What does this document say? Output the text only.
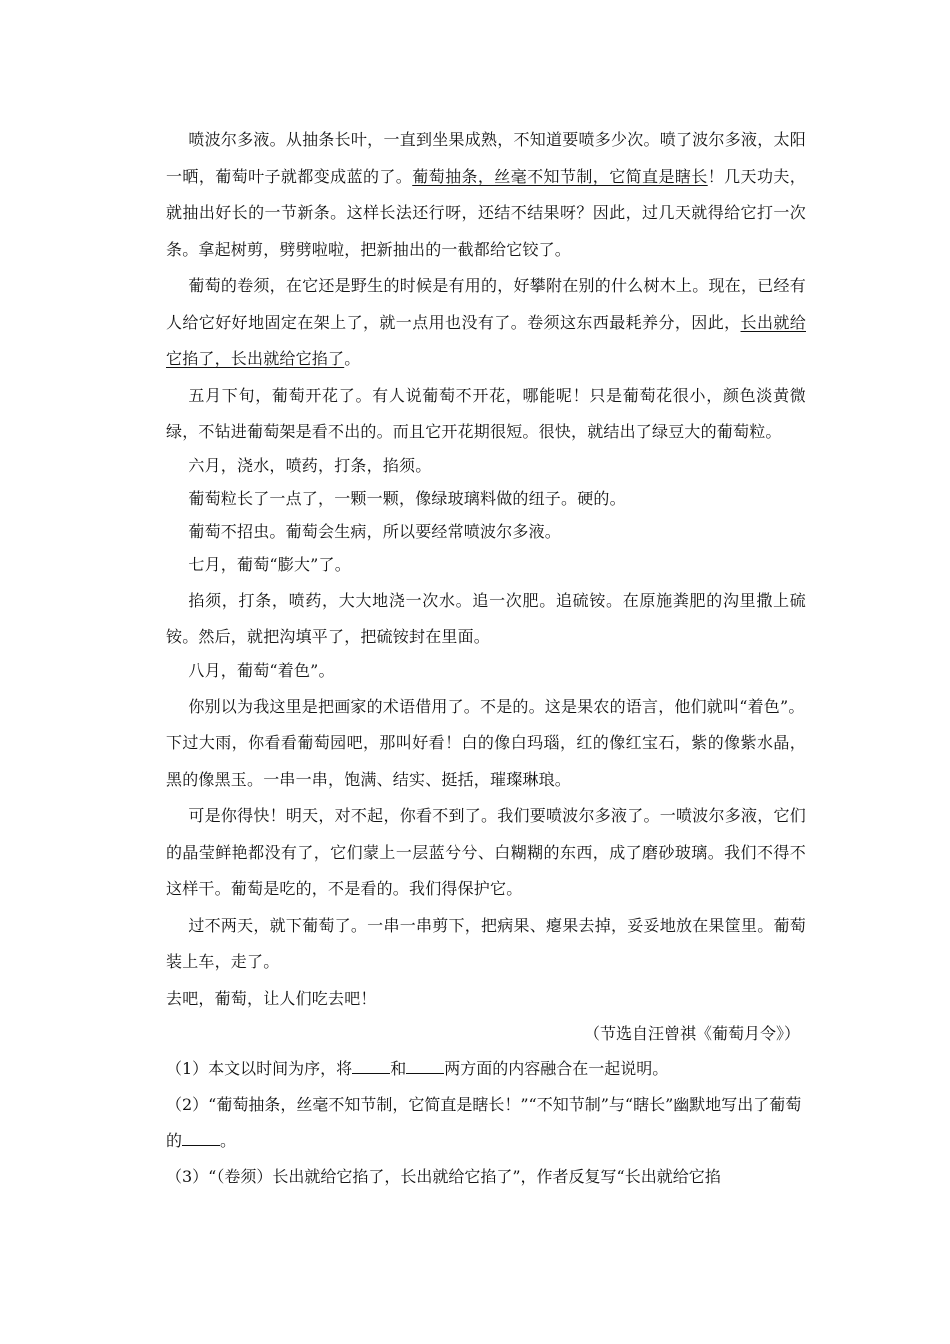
喷波尔多液。从抽条长叶，一直到坐果成熟，不知道要喷多少次。喷了波尔多液，太阳一晒，葡萄叶子就都变成蓝的了。葡萄抽条，丝毫不知节制，它简直是瞎长！几天功夫，就抽出好长的一节新条。这样长法还行呀，还结不结果呀？因此，过几天就得给它打一次条。拿起树剪，劈劈啦啦，把新抽出的一截都给它铰了。

葡萄的卷须，在它还是野生的时候是有用的，好攀附在别的什么树木上。现在，已经有人给它好好地固定在架上了，就一点用也没有了。卷须这东西最耗养分，因此，长出就给它掐了，长出就给它掐了。

五月下旬，葡萄开花了。有人说葡萄不开花，哪能呢！只是葡萄花很小，颜色淡黄微绿，不钻进葡萄架是看不出的。而且它开花期很短。很快，就结出了绿豆大的葡萄粒。

六月，浇水，喷药，打条，掐须。

葡萄粒长了一点了，一颗一颗，像绿玻璃料做的纽子。硬的。

葡萄不招虫。葡萄会生病，所以要经常喷波尔多液。

七月，葡萄“膨大”了。

掐须，打条，喷药，大大地浇一次水。追一次肥。追硫铵。在原施粪肥的沟里撒上硫铵。然后，就把沟填平了，把硫铵封在里面。

八月，葡萄“着色”。

你别以为我这里是把画家的术语借用了。不是的。这是果农的语言，他们就叫“着色”。

下过大雨，你看看葡萄园吧，那叫好看！白的像白玛瑙，红的像红宝石，紫的像紫水晶，黑的像黑玉。一串一串，饱满、结实、挺括，璀璨琳琅。

可是你得快！明天，对不起，你看不到了。我们要喷波尔多液了。一喷波尔多液，它们的晶莹鲜艳都没有了，它们蒙上一层蓝兮兮、白糊糊的东西，成了磨砂玻璃。我们不得不这样干。葡萄是吃的，不是看的。我们得保护它。

过不两天，就下葡萄了。一串一串剪下，把病果、瘪果去掉，妥妥地放在果筐里。葡萄装上车，走了。

去吧，葡萄，让人们吃去吧！

（节选自汪曾祺《葡萄月令》）

（1）本文以时间为序，将 和 两方面的内容融合在一起说明。

（2）“葡萄抽条，丝毫不知节制，它简直是瞎长！”“不知节制”与“瞎长”幽默地写出了葡萄的 。

（3）“（卷须）长出就给它掐了，长出就给它掐了”，作者反复写“长出就给它掐
